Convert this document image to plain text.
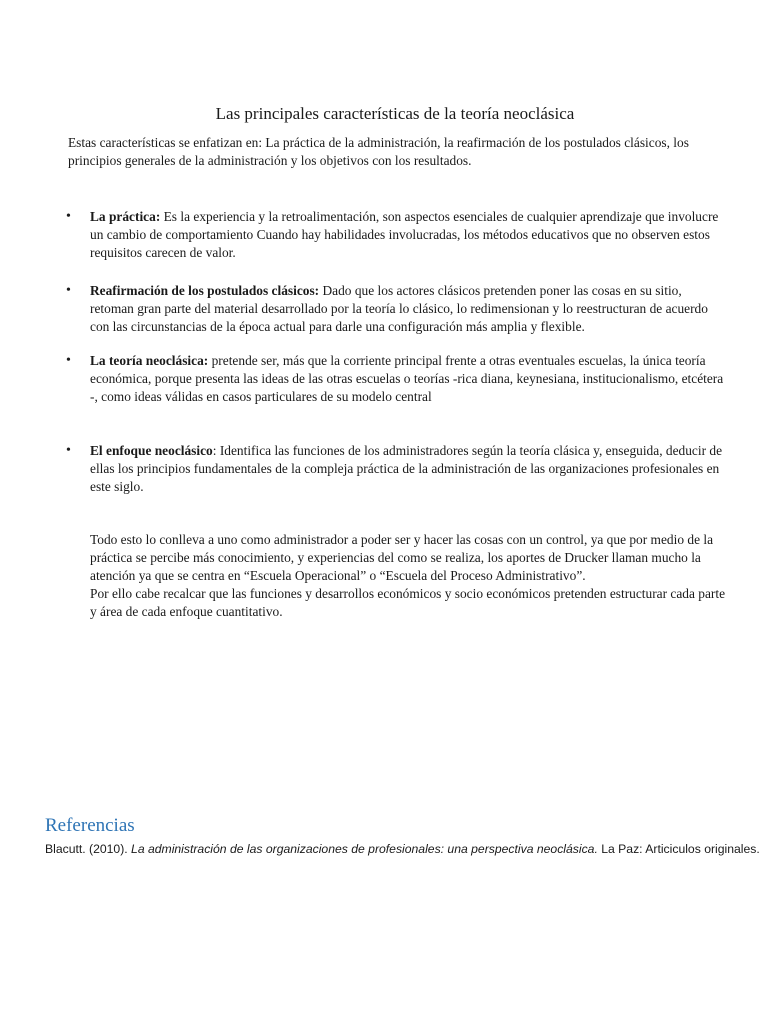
Las principales características de la teoría neoclásica
Estas características se enfatizan en: La práctica de la administración, la reafirmación de los postulados clásicos, los principios generales de la administración y los objetivos con los resultados.
•	La práctica: Es la experiencia y la retroalimentación, son aspectos esenciales de cualquier aprendizaje que involucre un cambio de comportamiento Cuando hay habilidades involucradas, los métodos educativos que no observen estos requisitos carecen de valor.
•	Reafirmación de los postulados clásicos: Dado que los actores clásicos pretenden poner las cosas en su sitio, retoman gran parte del material desarrollado por la teoría lo clásico, lo redimensionan y lo reestructuran de acuerdo con las circunstancias de la época actual para darle una configuración más amplia y flexible.
•	La teoría neoclásica: pretende ser, más que la corriente principal frente a otras eventuales escuelas, la única teoría económica, porque presenta las ideas de las otras escuelas o teorías -rica diana, keynesiana, institucionalismo, etcétera -, como ideas válidas en casos particulares de su modelo central
•	El enfoque neoclásico: Identifica las funciones de los administradores según la teoría clásica y, enseguida, deducir de ellas los principios fundamentales de la compleja práctica de la administración de las organizaciones profesionales en este siglo.

Todo esto lo conlleva a uno como administrador a poder ser y hacer las cosas con un control, ya que por medio de la práctica se percibe más conocimiento, y experiencias del como se realiza, los aportes de Drucker llaman mucho la atención ya que se centra en “Escuela Operacional” o “Escuela del Proceso Administrativo”.

Por ello cabe recalcar que las funciones y desarrollos económicos y socio económicos pretenden estructurar cada parte y área de cada enfoque cuantitativo.

Referencias
Blacutt. (2010). La administración de las organizaciones de profesionales: una perspectiva neoclásica. La Paz: Articiculos originales.
